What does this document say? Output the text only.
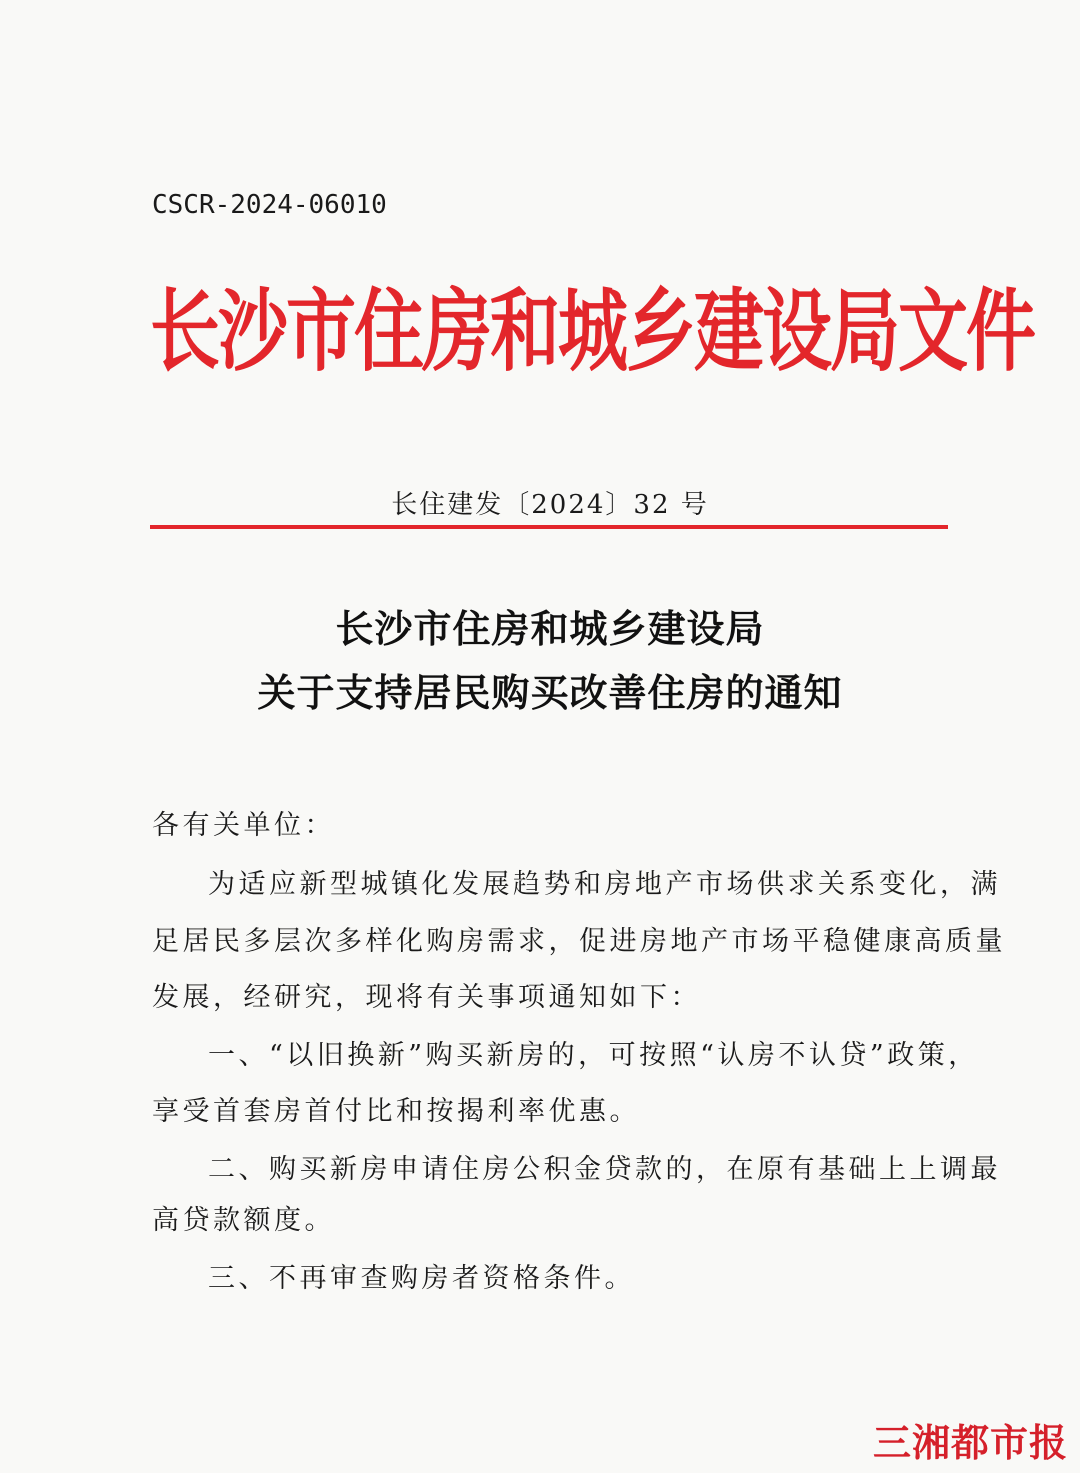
CSCR-2024-06010
长沙市住房和城乡建设局文件
长住建发〔2024〕32 号
长沙市住房和城乡建设局
关于支持居民购买改善住房的通知
各有关单位：
为适应新型城镇化发展趋势和房地产市场供求关系变化，满
足居民多层次多样化购房需求，促进房地产市场平稳健康高质量
发展，经研究，现将有关事项通知如下：
一、“以旧换新”购买新房的，可按照“认房不认贷”政策，
享受首套房首付比和按揭利率优惠。
二、购买新房申请住房公积金贷款的，在原有基础上上调最
高贷款额度。
三、不再审查购房者资格条件。
三湘都市报
